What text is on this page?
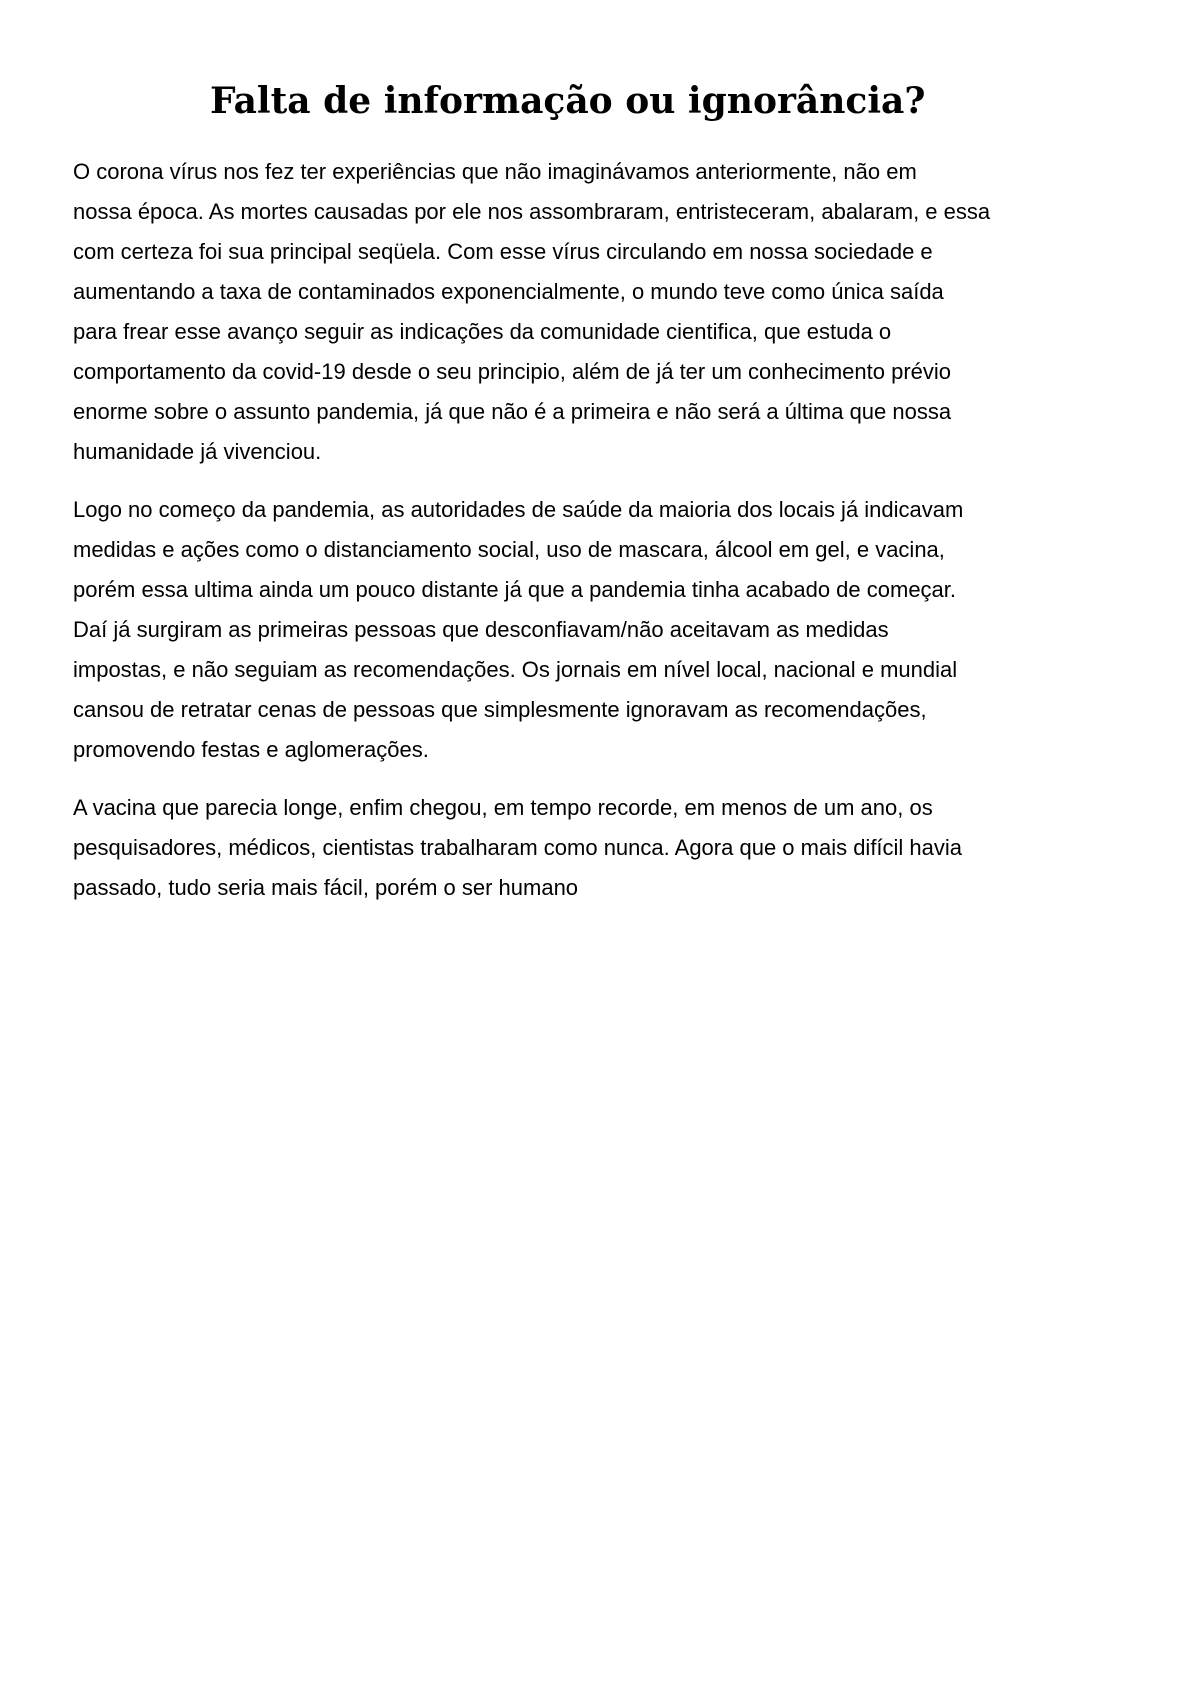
Falta de informação ou ignorância?

O corona vírus nos fez ter experiências que não imaginávamos anteriormente, não em
nossa época. As mortes causadas por ele nos assombraram, entristeceram, abalaram, e essa
com certeza foi sua principal seqüela. Com esse vírus circulando em nossa sociedade e
aumentando a taxa de contaminados exponencialmente, o mundo teve como única saída
para frear esse avanço seguir as indicações da comunidade cientifica, que estuda o
comportamento da covid-19 desde o seu principio, além de já ter um conhecimento prévio
enorme sobre o assunto pandemia, já que não é a primeira e não será a última que nossa
humanidade já vivenciou.

Logo no começo da pandemia, as autoridades de saúde da maioria dos locais já indicavam
medidas e ações como o distanciamento social, uso de mascara, álcool em gel, e vacina,
porém essa ultima ainda um pouco distante já que a pandemia tinha acabado de começar.
Daí já surgiram as primeiras pessoas que desconfiavam/não aceitavam as medidas
impostas, e não seguiam as recomendações. Os jornais em nível local, nacional e mundial
cansou de retratar cenas de pessoas que simplesmente ignoravam as recomendações,
promovendo festas e aglomerações.

A vacina que parecia longe, enfim chegou, em tempo recorde, em menos de um ano, os
pesquisadores, médicos, cientistas trabalharam como nunca. Agora que o mais difícil havia
passado, tudo seria mais fácil, porém o ser humano
